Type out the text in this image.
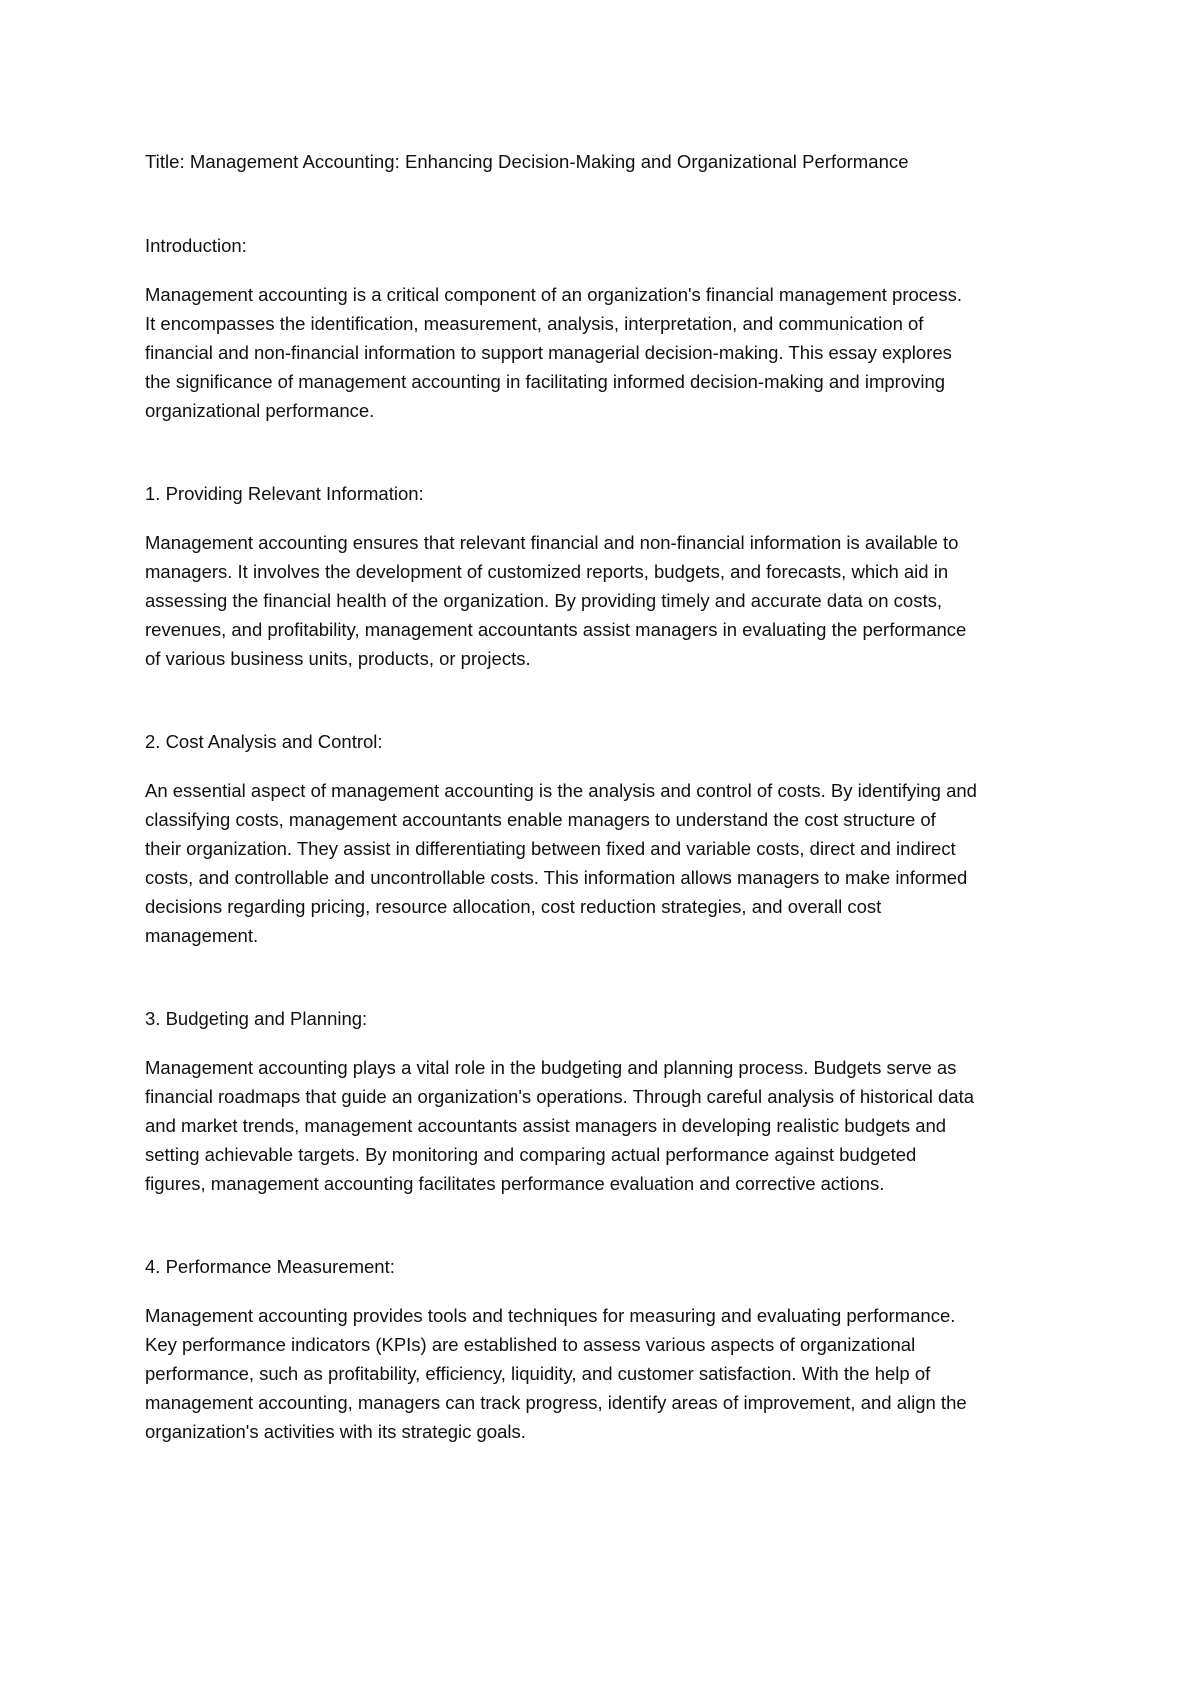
Title: Management Accounting: Enhancing Decision-Making and Organizational Performance

Introduction:

Management accounting is a critical component of an organization's financial management process.
It encompasses the identification, measurement, analysis, interpretation, and communication of
financial and non-financial information to support managerial decision-making. This essay explores
the significance of management accounting in facilitating informed decision-making and improving
organizational performance.

1. Providing Relevant Information:

Management accounting ensures that relevant financial and non-financial information is available to
managers. It involves the development of customized reports, budgets, and forecasts, which aid in
assessing the financial health of the organization. By providing timely and accurate data on costs,
revenues, and profitability, management accountants assist managers in evaluating the performance
of various business units, products, or projects.

2. Cost Analysis and Control:

An essential aspect of management accounting is the analysis and control of costs. By identifying and
classifying costs, management accountants enable managers to understand the cost structure of
their organization. They assist in differentiating between fixed and variable costs, direct and indirect
costs, and controllable and uncontrollable costs. This information allows managers to make informed
decisions regarding pricing, resource allocation, cost reduction strategies, and overall cost
management.

3. Budgeting and Planning:

Management accounting plays a vital role in the budgeting and planning process. Budgets serve as
financial roadmaps that guide an organization's operations. Through careful analysis of historical data
and market trends, management accountants assist managers in developing realistic budgets and
setting achievable targets. By monitoring and comparing actual performance against budgeted
figures, management accounting facilitates performance evaluation and corrective actions.

4. Performance Measurement:

Management accounting provides tools and techniques for measuring and evaluating performance.
Key performance indicators (KPIs) are established to assess various aspects of organizational
performance, such as profitability, efficiency, liquidity, and customer satisfaction. With the help of
management accounting, managers can track progress, identify areas of improvement, and align the
organization's activities with its strategic goals.
